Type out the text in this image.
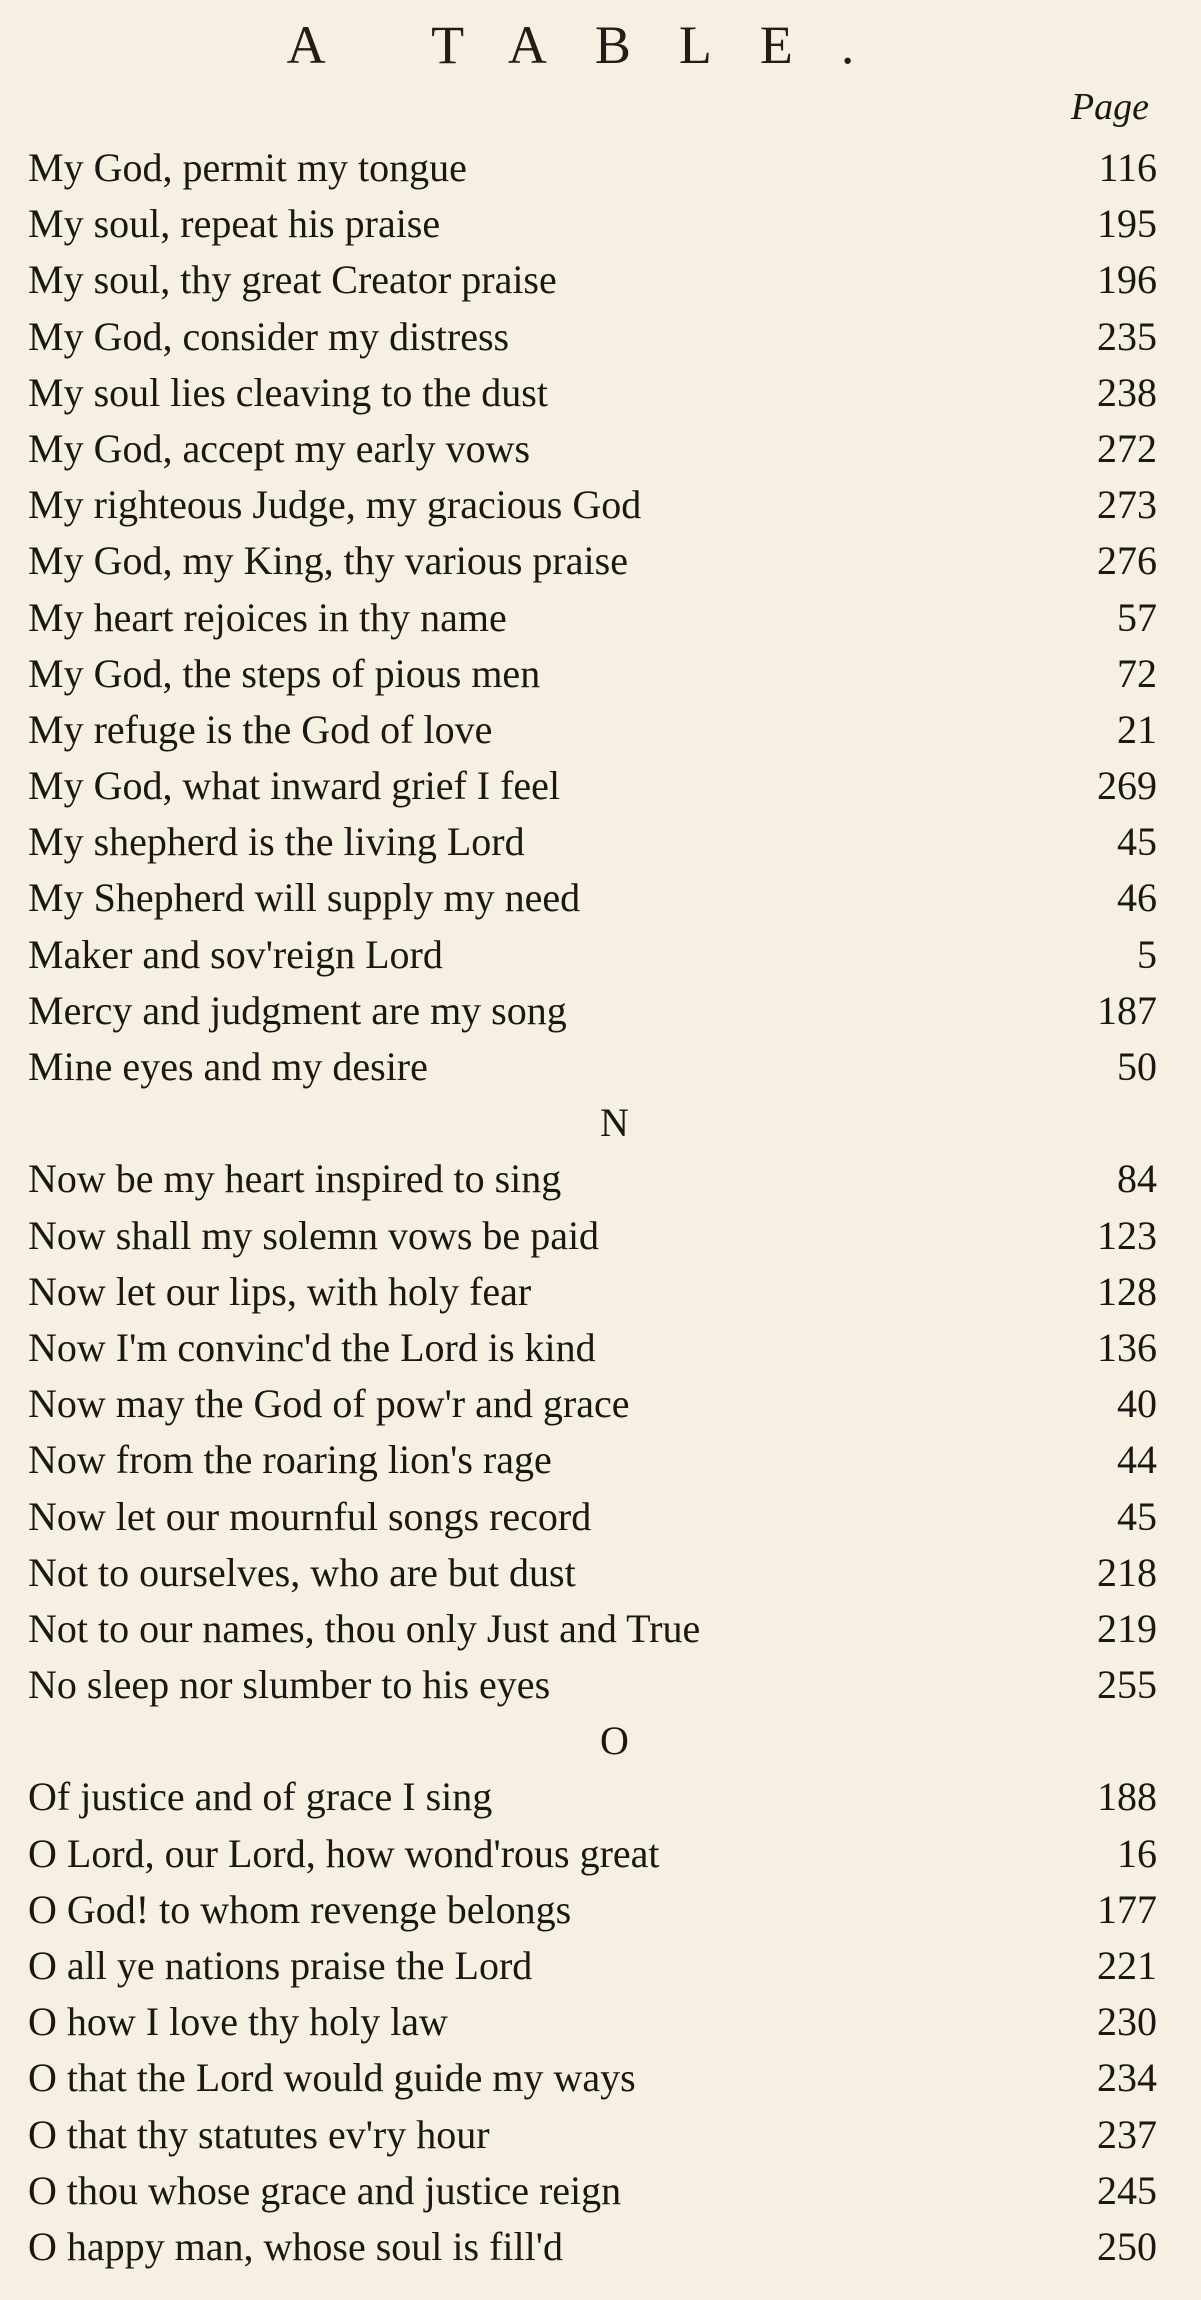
A TABLE.
Page
My God, permit my tongue	116
My soul, repeat his praise	195
My soul, thy great Creator praise	196
My God, consider my distress	235
My soul lies cleaving to the dust	238
My God, accept my early vows	272
My righteous Judge, my gracious God	273
My God, my King, thy various praise	276
My heart rejoices in thy name	57
My God, the steps of pious men	72
My refuge is the God of love	21
My God, what inward grief I feel	269
My shepherd is the living Lord	45
My Shepherd will supply my need	46
Maker and sov'reign Lord	5
Mercy and judgment are my song	187
Mine eyes and my desire	50
N
Now be my heart inspired to sing	84
Now shall my solemn vows be paid	123
Now let our lips, with holy fear	128
Now I'm convinc'd the Lord is kind	136
Now may the God of pow'r and grace	40
Now from the roaring lion's rage	44
Now let our mournful songs record	45
Not to ourselves, who are but dust	218
Not to our names, thou only Just and True	219
No sleep nor slumber to his eyes	255
O
Of justice and of grace I sing	188
O Lord, our Lord, how wond'rous great	16
O God! to whom revenge belongs	177
O all ye nations praise the Lord	221
O how I love thy holy law	230
O that the Lord would guide my ways	234
O that thy statutes ev'ry hour	237
O thou whose grace and justice reign	245
O happy man, whose soul is fill'd	250
